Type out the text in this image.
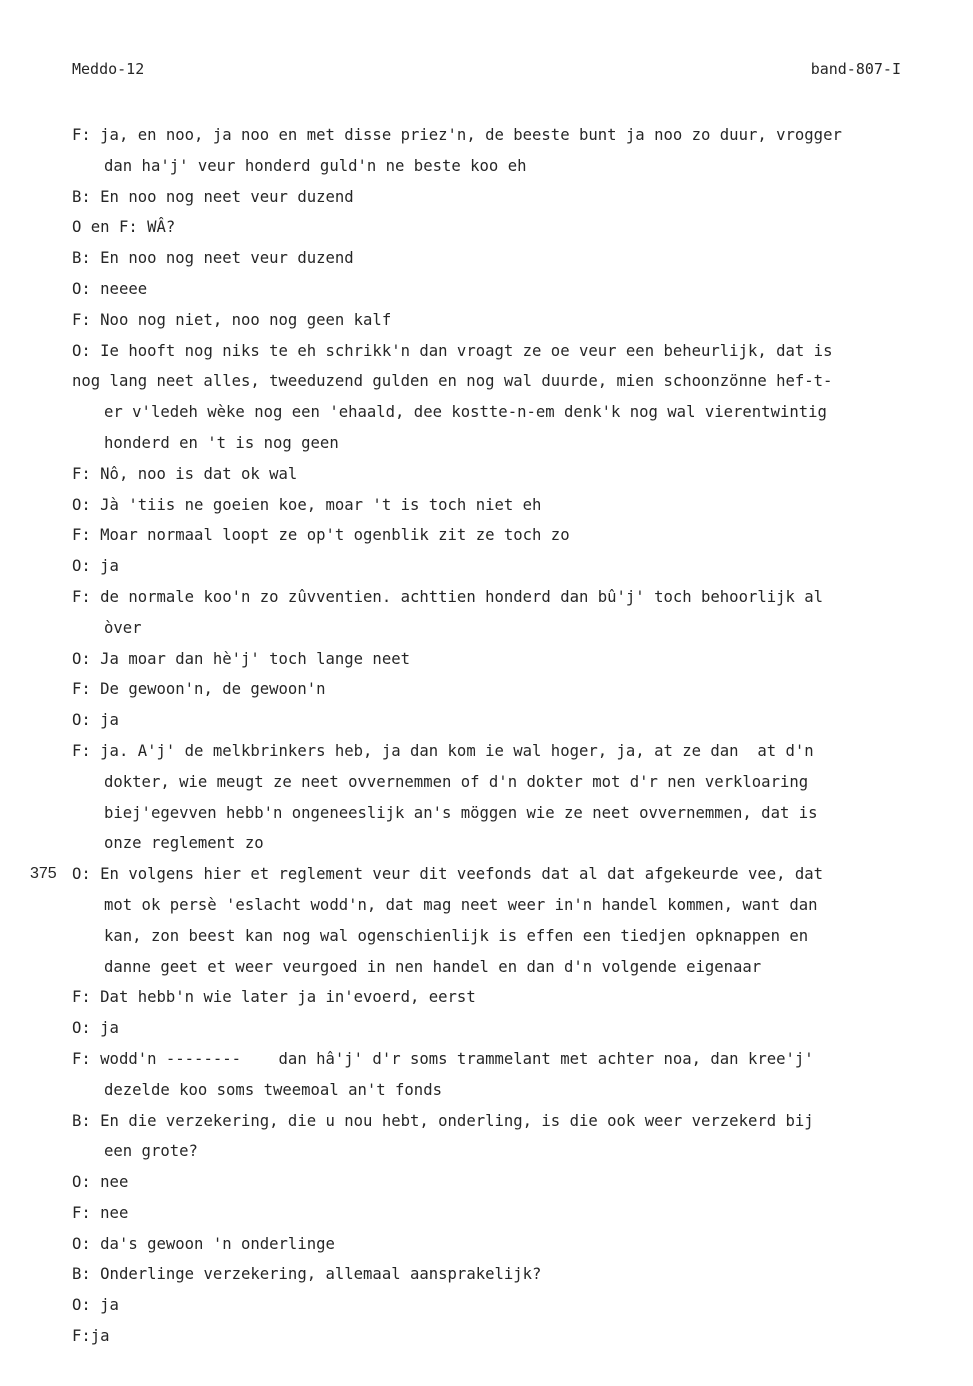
Meddo-12	band-807-I
F: ja, en noo, ja noo en met disse priez'n, de beeste bunt ja noo zo duur, vrogger
dan ha'j' veur honderd guld'n ne beste koo eh
B: En noo nog neet veur duzend
O en F: WÂ?
B: En noo nog neet veur duzend
O: neeee
F: Noo nog niet, noo nog geen kalf
O: Ie hooft nog niks te eh schrikk'n dan vroagt ze oe veur een beheurlijk, dat is
nog lang neet alles, tweeduzend gulden en nog wal duurde, mien schoonzönne hef-t-
er v'ledeh wèke nog een 'ehaald, dee kostte-n-em denk'k nog wal vierentwintig
honderd en 't is nog geen
F: Nô, noo is dat ok wal
O: Jà 'tiis ne goeien koe, moar 't is toch niet eh
F: Moar normaal loopt ze op't ogenblik zit ze toch zo
O: ja
F: de normale koo'n zo zûvventien. achttien honderd dan bû'j' toch behoorlijk al
òver
O: Ja moar dan hè'j' toch lange neet
F: De gewoon'n, de gewoon'n
O: ja
F: ja. A'j' de melkbrinkers heb, ja dan kom ie wal hoger, ja, at ze dan  at d'n
dokter, wie meugt ze neet ovvernemmen of d'n dokter mot d'r nen verkloaring
biej'egevven hebb'n ongeneeslijk an's möggen wie ze neet ovvernemmen, dat is
onze reglement zo
375 O: En volgens hier et reglement veur dit veefonds dat al dat afgekeurde vee, dat
mot ok persè 'eslacht wodd'n, dat mag neet weer in'n handel kommen, want dan
kan, zon beest kan nog wal ogenschienlijk is effen een tiedjen opknappen en
danne geet et weer veurgoed in nen handel en dan d'n volgende eigenaar
F: Dat hebb'n wie later ja in'evoerd, eerst
O: ja
F: wodd'n --------    dan hâ'j' d'r soms trammelant met achter noa, dan kree'j'
dezelde koo soms tweemoal an't fonds
B: En die verzekering, die u nou hebt, onderling, is die ook weer verzekerd bij
een grote?
O: nee
F: nee
O: da's gewoon 'n onderlinge
B: Onderlinge verzekering, allemaal aansprakelijk?
O: ja
F:ja
